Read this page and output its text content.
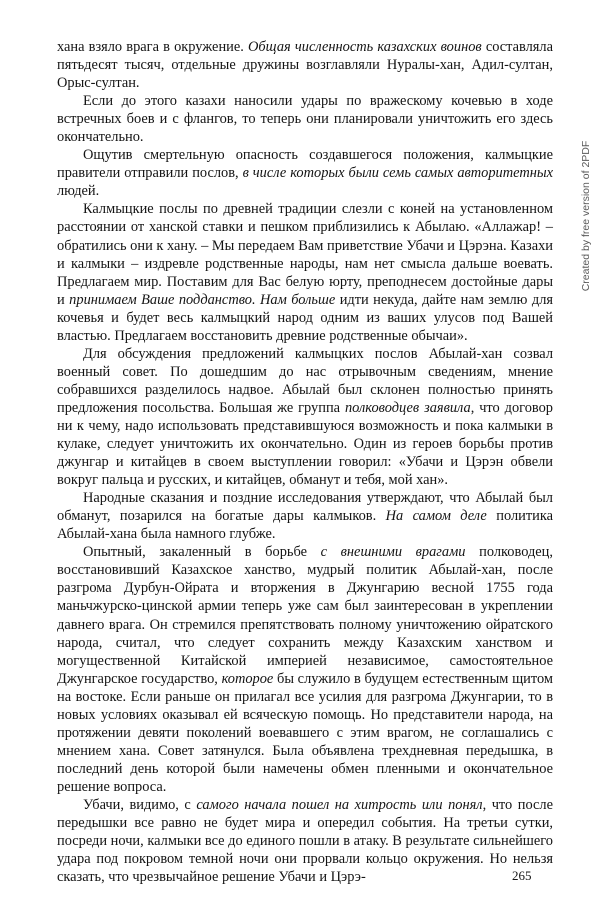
хана взяло врага в окружение. Общая численность казахских воинов составляла пятьдесят тысяч, отдельные дружины возглавляли Нуралы-хан, Адил-султан, Орыс-султан.

Если до этого казахи наносили удары по вражескому кочевью в ходе встречных боев и с флангов, то теперь они планировали уничтожить его здесь окончательно.

Ощутив смертельную опасность создавшегося положения, калмыцкие правители отправили послов, в числе которых были семь самых авторитетных людей.

Калмыцкие послы по древней традиции слезли с коней на установленном расстоянии от ханской ставки и пешком приблизились к Абылаю. «Аллажар! – обратились они к хану. – Мы передаем Вам приветствие Убачи и Цэрэна. Казахи и калмыки – издревле родственные народы, нам нет смысла дальше воевать. Предлагаем мир. Поставим для Вас белую юрту, преподнесем достойные дары и принимаем Ваше подданство. Нам больше идти некуда, дайте нам землю для кочевья и будет весь калмыцкий народ одним из ваших улусов под Вашей властью. Предлагаем восстановить древние родственные обычаи».

Для обсуждения предложений калмыцких послов Абылай-хан созвал военный совет. По дошедшим до нас отрывочным сведениям, мнение собравшихся разделилось надвое. Абылай был склонен полностью принять предложения посольства. Большая же группа полководцев заявила, что договор ни к чему, надо использовать представившуюся возможность и пока калмыки в кулаке, следует уничтожить их окончательно. Один из героев борьбы против джунгар и китайцев в своем выступлении говорил: «Убачи и Цэрэн обвели вокруг пальца и русских, и китайцев, обманут и тебя, мой хан».

Народные сказания и поздние исследования утверждают, что Абылай был обманут, позарился на богатые дары калмыков. На самом деле политика Абылай-хана была намного глубже.

Опытный, закаленный в борьбе с внешними врагами полководец, восстановивший Казахское ханство, мудрый политик Абылай-хан, после разгрома Дурбун-Ойрата и вторжения в Джунгарию весной 1755 года маньчжурско-цинской армии теперь уже сам был заинтересован в укреплении давнего врага. Он стремился препятствовать полному уничтожению ойратского народа, считал, что следует сохранить между Казахским ханством и могущественной Китайской империей независимое, самостоятельное Джунгарское государство, которое бы служило в будущем естественным щитом на востоке. Если раньше он прилагал все усилия для разгрома Джунгарии, то в новых условиях оказывал ей всяческую помощь. Но представители народа, на протяжении девяти поколений воевавшего с этим врагом, не соглашались с мнением хана. Совет затянулся. Была объявлена трехдневная передышка, в последний день которой были намечены обмен пленными и окончательное решение вопроса.

Убачи, видимо, с самого начала пошел на хитрость или понял, что после передышки все равно не будет мира и опередил события. На третьи сутки, посреди ночи, калмыки все до единого пошли в атаку. В результате сильнейшего удара под покровом темной ночи они прорвали кольцо окружения. Но нельзя сказать, что чрезвычайное решение Убачи и Цэрэ-

Created by free version of 2PDF
265
